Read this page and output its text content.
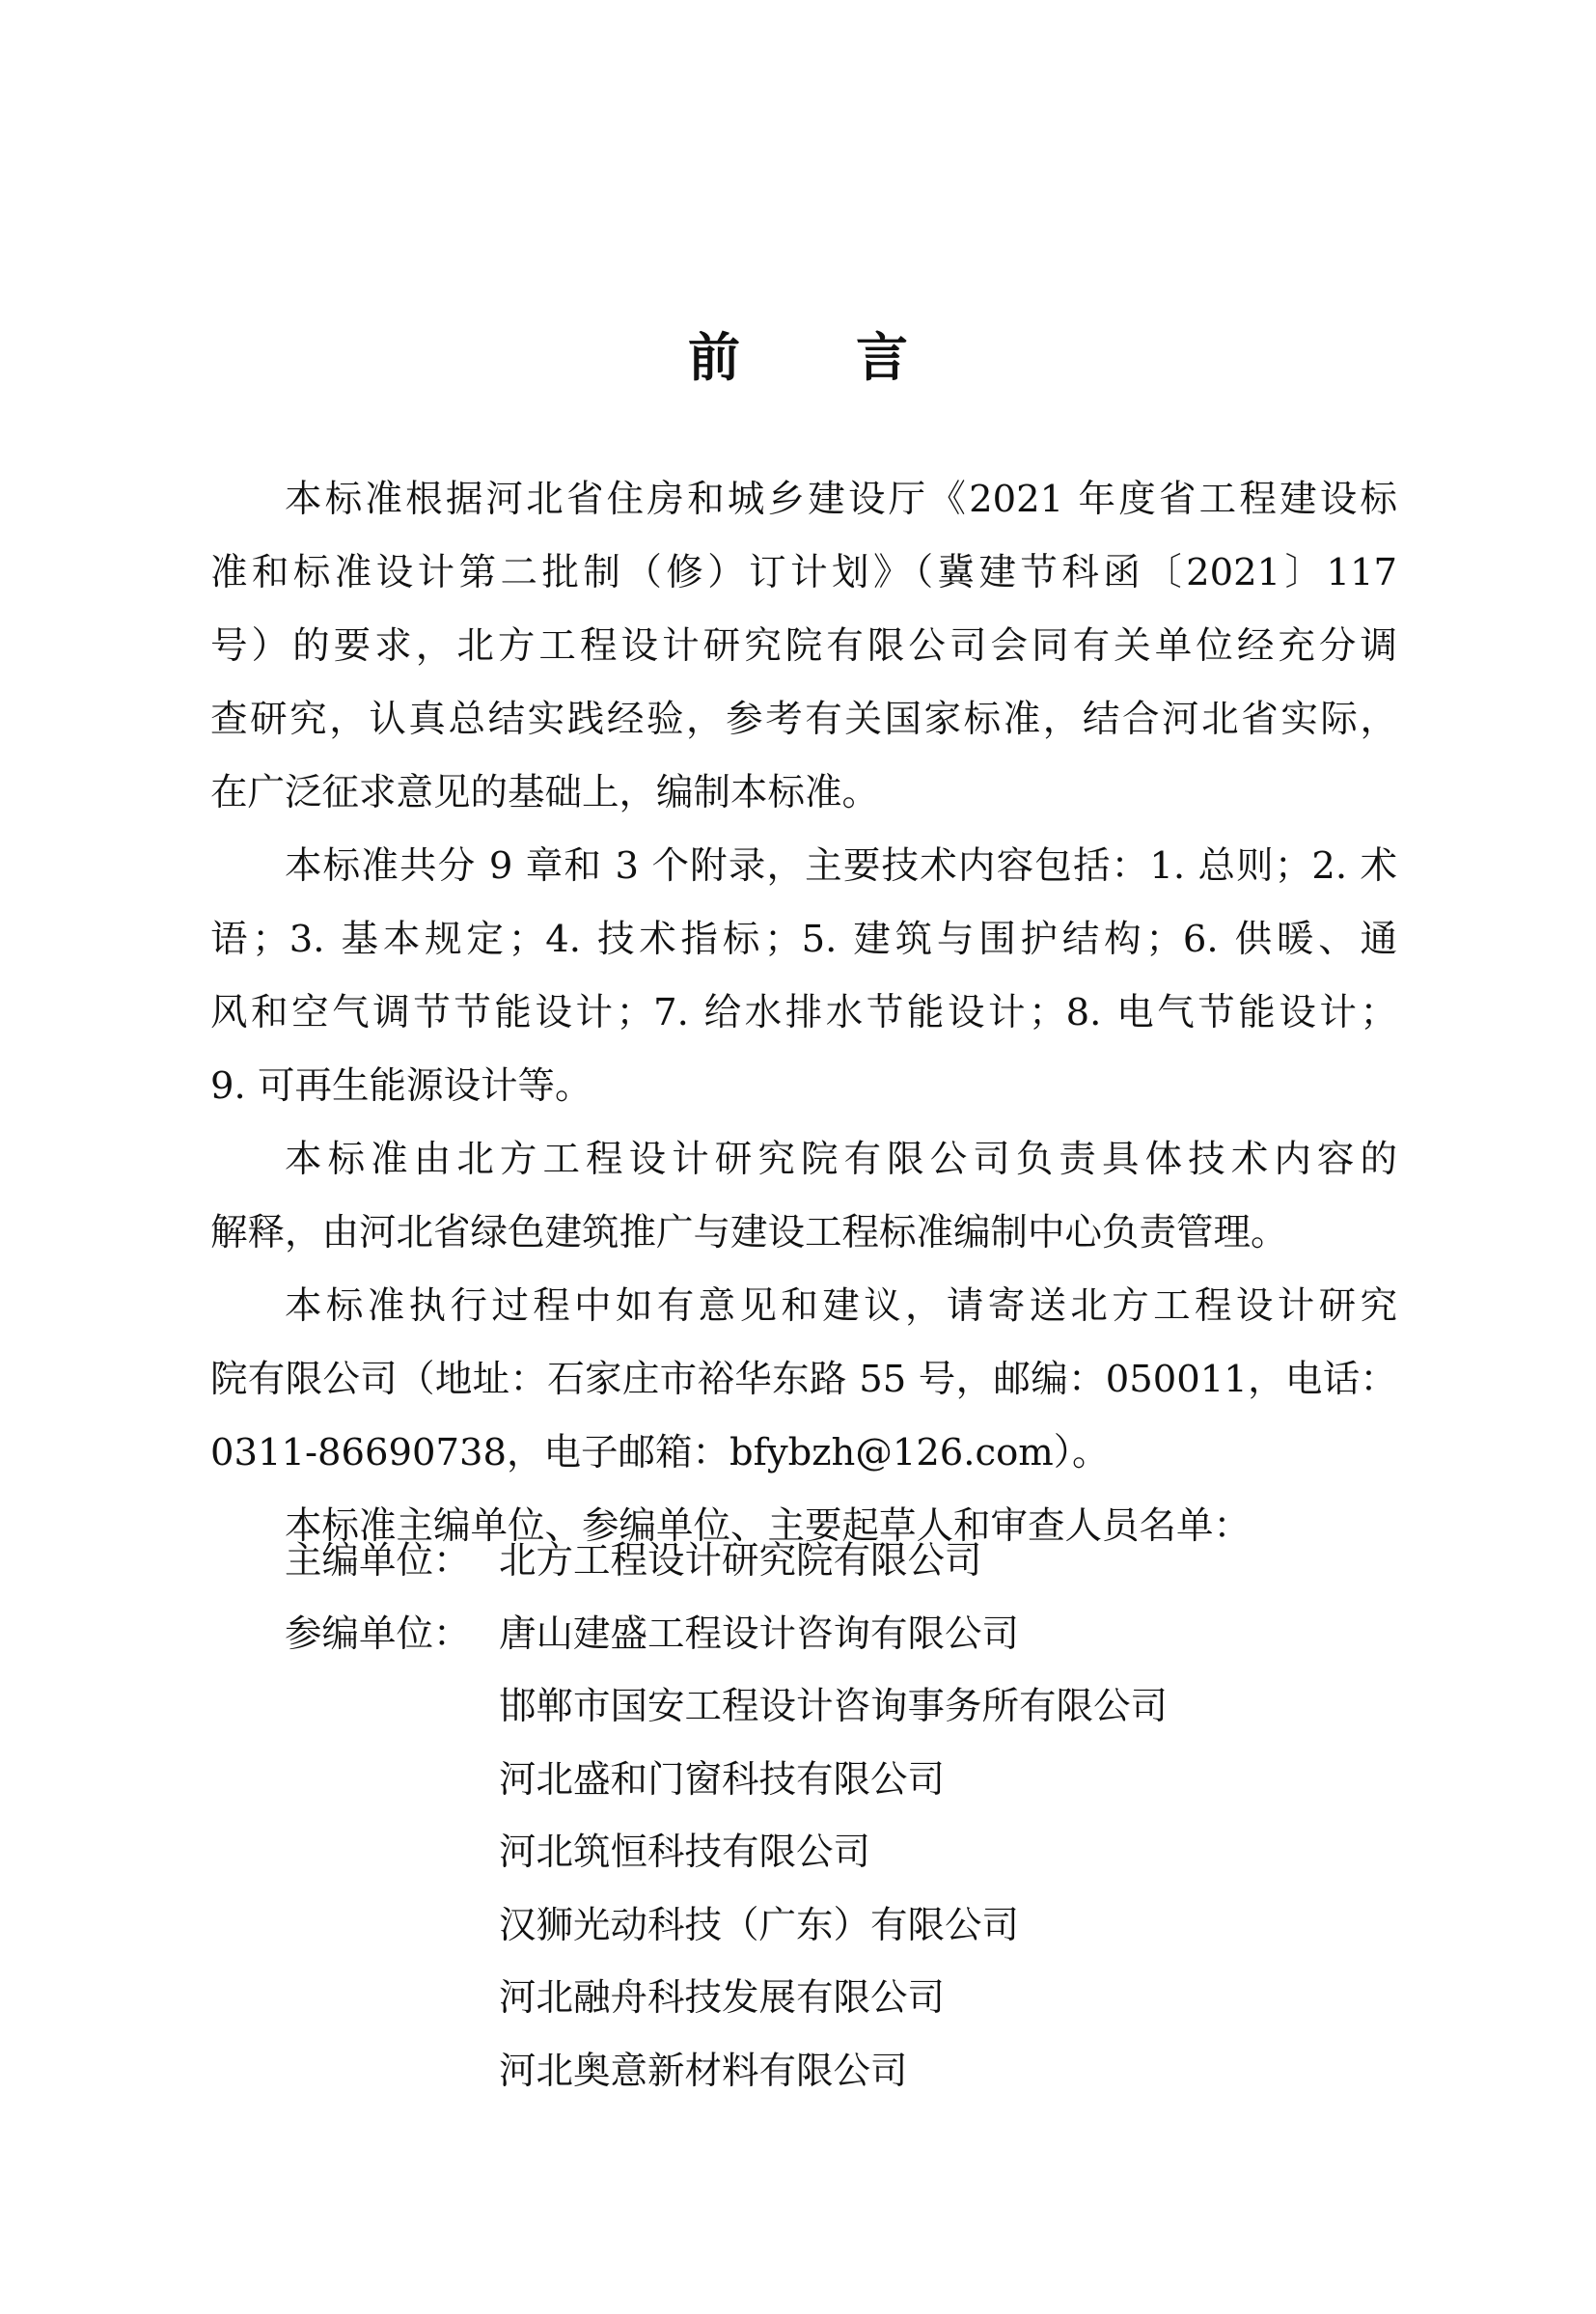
前 言
本标准根据河北省住房和城乡建设厅《2021 年度省工程建设标
准和标准设计第二批制（修）订计划》（冀建节科函〔2021〕117
号）的要求，北方工程设计研究院有限公司会同有关单位经充分调
查研究，认真总结实践经验，参考有关国家标准，结合河北省实际，
在广泛征求意见的基础上，编制本标准。
本标准共分 9 章和 3 个附录，主要技术内容包括：1. 总则；2. 术
语；3. 基本规定；4. 技术指标；5. 建筑与围护结构；6. 供暖、通
风和空气调节节能设计；7. 给水排水节能设计；8. 电气节能设计；
9. 可再生能源设计等。
本标准由北方工程设计研究院有限公司负责具体技术内容的
解释，由河北省绿色建筑推广与建设工程标准编制中心负责管理。
本标准执行过程中如有意见和建议，请寄送北方工程设计研究
院有限公司（地址：石家庄市裕华东路 55 号，邮编：050011，电话：
0311-86690738，电子邮箱：bfybzh@126.com）。
本标准主编单位、参编单位、主要起草人和审查人员名单：
主编单位： 北方工程设计研究院有限公司
参编单位： 唐山建盛工程设计咨询有限公司
邯郸市国安工程设计咨询事务所有限公司
河北盛和门窗科技有限公司
河北筑恒科技有限公司
汉狮光动科技（广东）有限公司
河北融舟科技发展有限公司
河北奥意新材料有限公司
